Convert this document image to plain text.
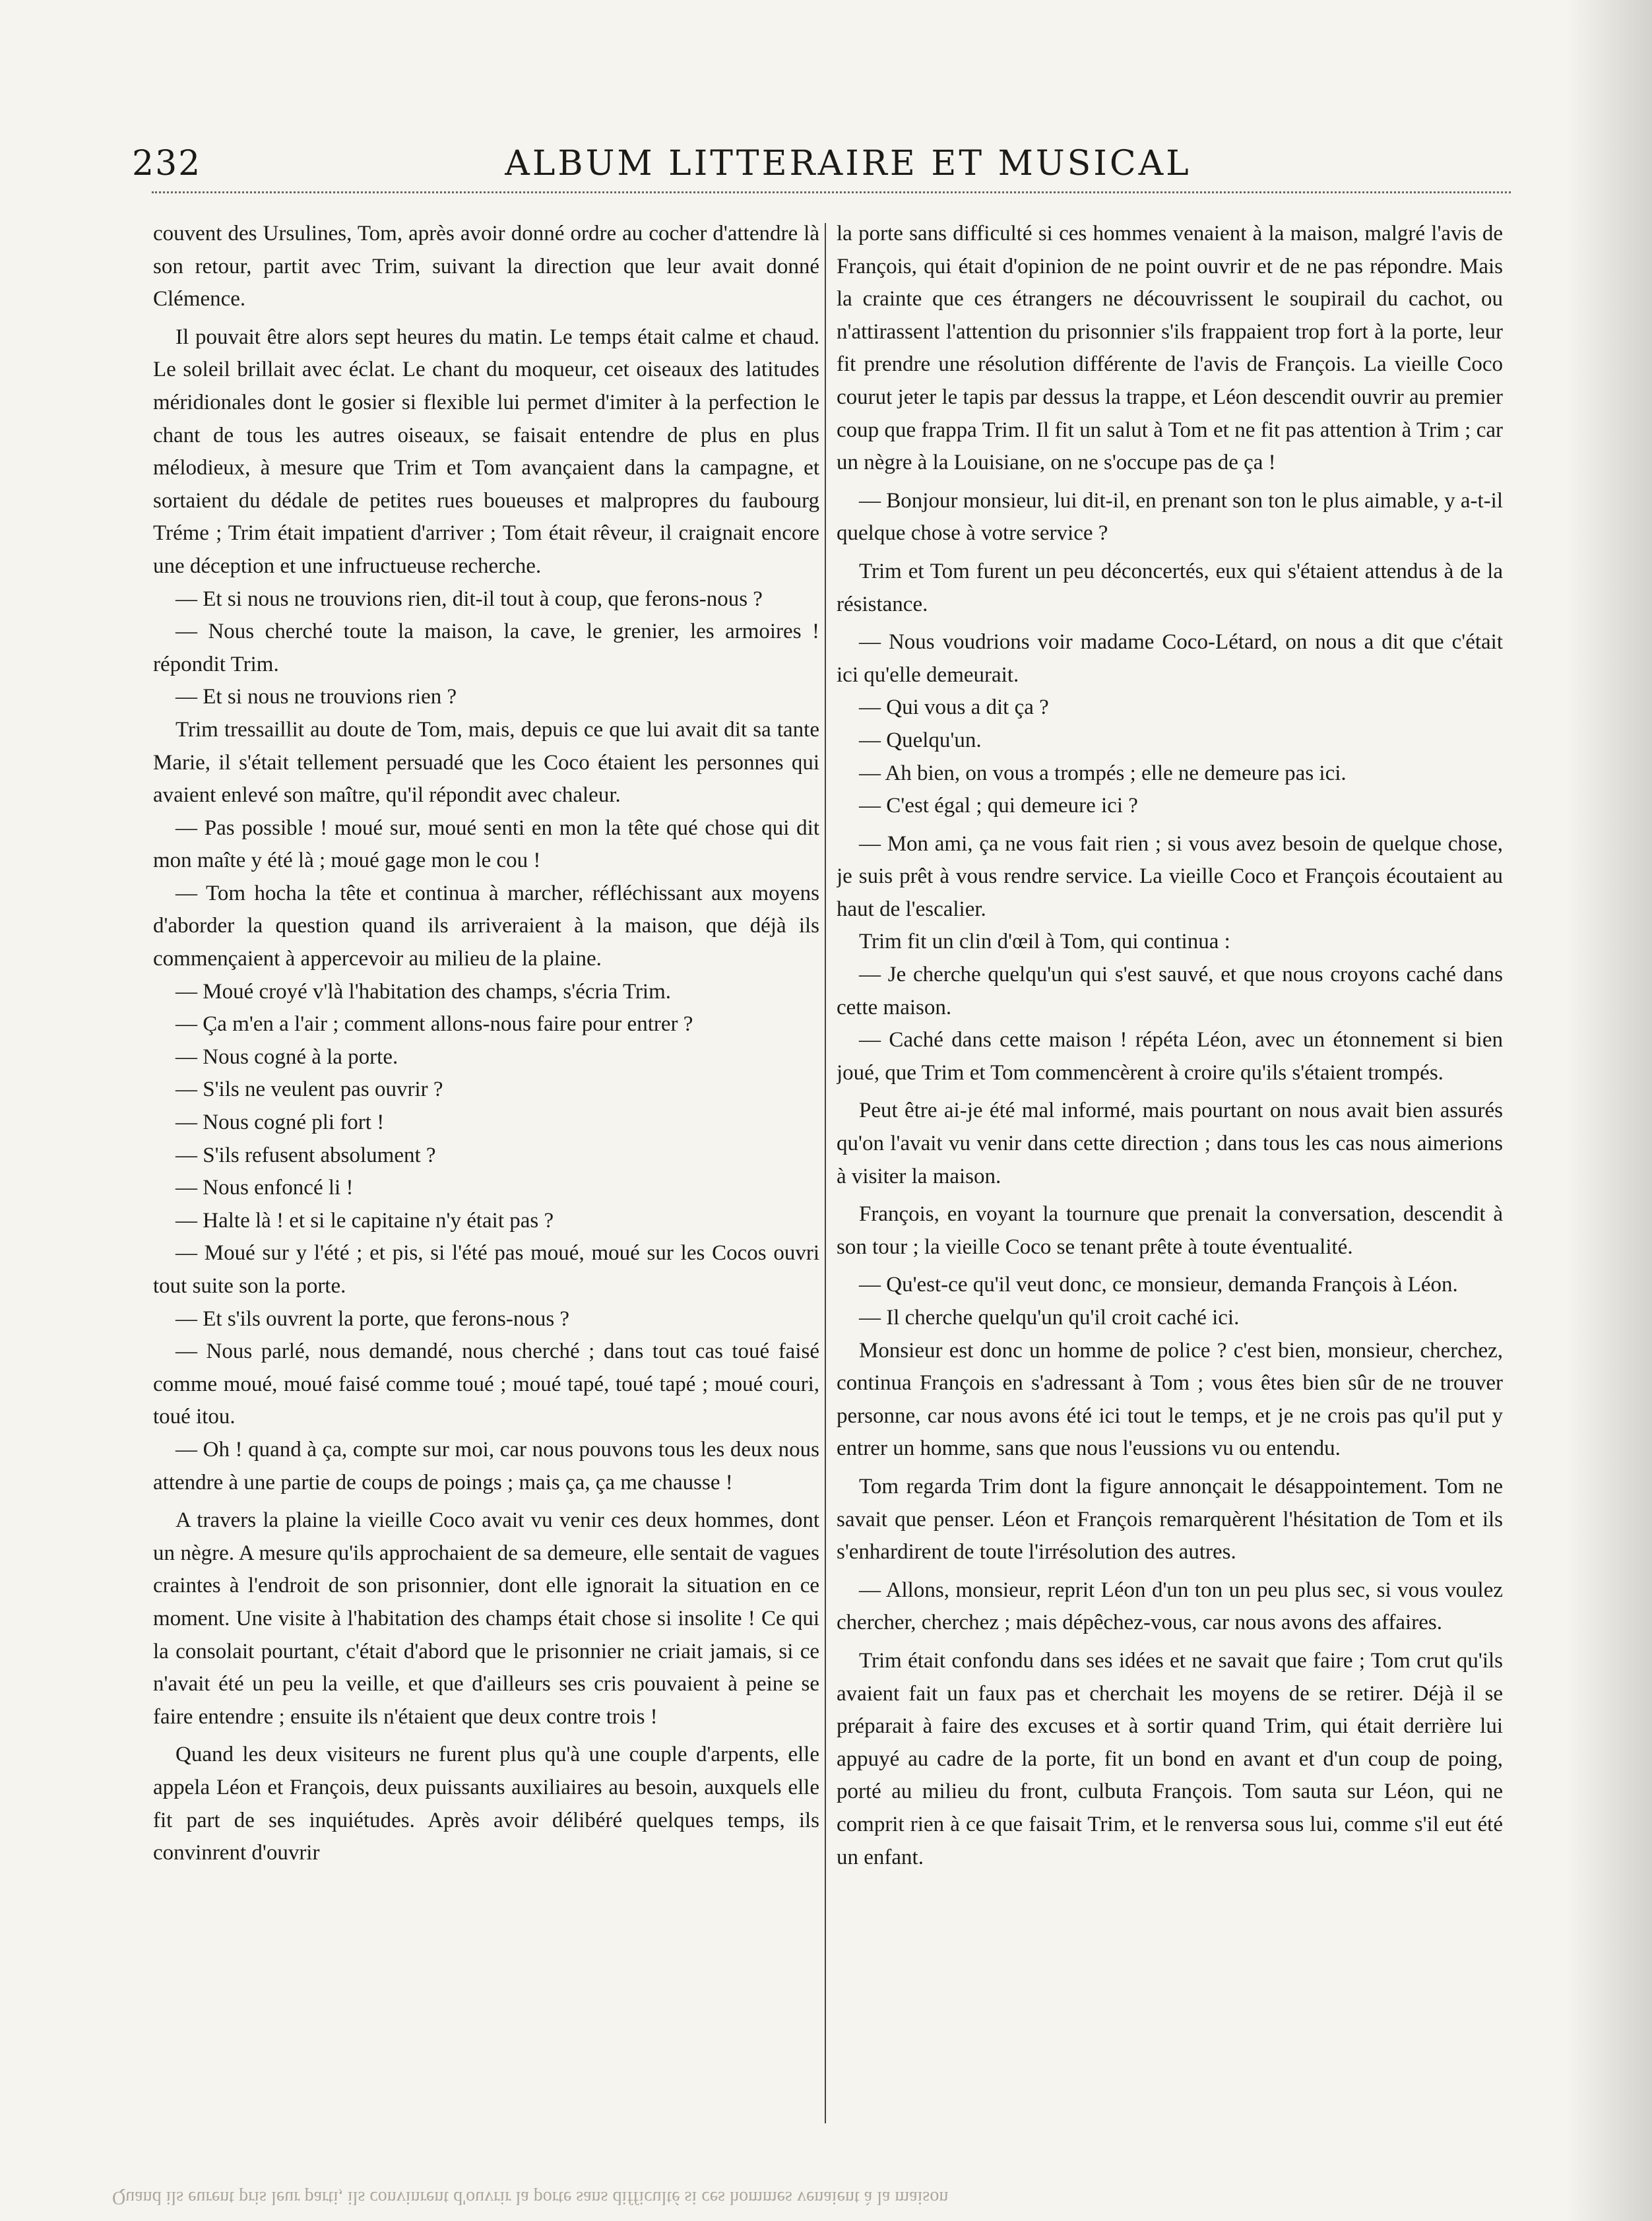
232	ALBUM LITTERAIRE ET MUSICAL

couvent des Ursulines, Tom, après avoir donné ordre au cocher d'attendre là son retour, partit avec Trim, suivant la direction que leur avait donné Clémence.

Il pouvait être alors sept heures du matin. Le temps était calme et chaud. Le soleil brillait avec éclat. Le chant du moqueur, cet oiseaux des latitudes méridionales dont le gosier si flexible lui permet d'imiter à la perfection le chant de tous les autres oiseaux, se faisait entendre de plus en plus mélodieux, à mesure que Trim et Tom avançaient dans la campagne, et sortaient du dédale de petites rues boueuses et malpropres du faubourg Tréme ; Trim était impatient d'arriver ; Tom était rêveur, il craignait encore une déception et une infructueuse recherche.

— Et si nous ne trouvions rien, dit-il tout à coup, que ferons-nous ?

— Nous cherché toute la maison, la cave, le grenier, les armoires ! répondit Trim.

— Et si nous ne trouvions rien ?

Trim tressaillit au doute de Tom, mais, depuis ce que lui avait dit sa tante Marie, il s'était tellement persuadé que les Coco étaient les personnes qui avaient enlevé son maître, qu'il répondit avec chaleur.

— Pas possible ! moué sur, moué senti en mon la tête qué chose qui dit mon maîte y été là ; moué gage mon le cou !

— Tom hocha la tête et continua à marcher, réfléchissant aux moyens d'aborder la question quand ils arriveraient à la maison, que déjà ils commençaient à appercevoir au milieu de la plaine.

— Moué croyé v'là l'habitation des champs, s'écria Trim.

— Ça m'en a l'air ; comment allons-nous faire pour entrer ?

— Nous cogné à la porte.

— S'ils ne veulent pas ouvrir ?

— Nous cogné pli fort !

— S'ils refusent absolument ?

— Nous enfoncé li !

— Halte là ! et si le capitaine n'y était pas ?

— Moué sur y l'été ; et pis, si l'été pas moué, moué sur les Cocos ouvri tout suite son la porte.

— Et s'ils ouvrent la porte, que ferons-nous ?

— Nous parlé, nous demandé, nous cherché ; dans tout cas toué faisé comme moué, moué faisé comme toué ; moué tapé, toué tapé ; moué couri, toué itou.

— Oh ! quand à ça, compte sur moi, car nous pouvons tous les deux nous attendre à une partie de coups de poings ; mais ça, ça me chausse !

A travers la plaine la vieille Coco avait vu venir ces deux hommes, dont un nègre. A mesure qu'ils approchaient de sa demeure, elle sentait de vagues craintes à l'endroit de son prisonnier, dont elle ignorait la situation en ce moment. Une visite à l'habitation des champs était chose si insolite ! Ce qui la consolait pourtant, c'était d'abord que le prisonnier ne criait jamais, si ce n'avait été un peu la veille, et que d'ailleurs ses cris pouvaient à peine se faire entendre ; ensuite ils n'étaient que deux contre trois !

Quand les deux visiteurs ne furent plus qu'à une couple d'arpents, elle appela Léon et François, deux puissants auxiliaires au besoin, auxquels elle fit part de ses inquiétudes. Après avoir délibéré quelques temps, ils convinrent d'ouvrir

la porte sans difficulté si ces hommes venaient à la maison, malgré l'avis de François, qui était d'opinion de ne point ouvrir et de ne pas répondre. Mais la crainte que ces étrangers ne découvrissent le soupirail du cachot, ou n'attirassent l'attention du prisonnier s'ils frappaient trop fort à la porte, leur fit prendre une résolution différente de l'avis de François. La vieille Coco courut jeter le tapis par dessus la trappe, et Léon descendit ouvrir au premier coup que frappa Trim. Il fit un salut à Tom et ne fit pas attention à Trim ; car un nègre à la Louisiane, on ne s'occupe pas de ça !

— Bonjour monsieur, lui dit-il, en prenant son ton le plus aimable, y a-t-il quelque chose à votre service ?

Trim et Tom furent un peu déconcertés, eux qui s'étaient attendus à de la résistance.

— Nous voudrions voir madame Coco-Létard, on nous a dit que c'était ici qu'elle demeurait.

— Qui vous a dit ça ?

— Quelqu'un.

— Ah bien, on vous a trompés ; elle ne demeure pas ici.

— C'est égal ; qui demeure ici ?

— Mon ami, ça ne vous fait rien ; si vous avez besoin de quelque chose, je suis prêt à vous rendre service. La vieille Coco et François écoutaient au haut de l'escalier.

Trim fit un clin d'œil à Tom, qui continua :

— Je cherche quelqu'un qui s'est sauvé, et que nous croyons caché dans cette maison.

— Caché dans cette maison ! répéta Léon, avec un étonnement si bien joué, que Trim et Tom commencèrent à croire qu'ils s'étaient trompés.

Peut être ai-je été mal informé, mais pourtant on nous avait bien assurés qu'on l'avait vu venir dans cette direction ; dans tous les cas nous aimerions à visiter la maison.

François, en voyant la tournure que prenait la conversation, descendit à son tour ; la vieille Coco se tenant prête à toute éventualité.

— Qu'est-ce qu'il veut donc, ce monsieur, demanda François à Léon.

— Il cherche quelqu'un qu'il croit caché ici.

Monsieur est donc un homme de police ? c'est bien, monsieur, cherchez, continua François en s'adressant à Tom ; vous êtes bien sûr de ne trouver personne, car nous avons été ici tout le temps, et je ne crois pas qu'il put y entrer un homme, sans que nous l'eussions vu ou entendu.

Tom regarda Trim dont la figure annonçait le désappointement. Tom ne savait que penser. Léon et François remarquèrent l'hésitation de Tom et ils s'enhardirent de toute l'irrésolution des autres.

— Allons, monsieur, reprit Léon d'un ton un peu plus sec, si vous voulez chercher, cherchez ; mais dépêchez-vous, car nous avons des affaires.

Trim était confondu dans ses idées et ne savait que faire ; Tom crut qu'ils avaient fait un faux pas et cherchait les moyens de se retirer. Déjà il se préparait à faire des excuses et à sortir quand Trim, qui était derrière lui appuyé au cadre de la porte, fit un bond en avant et d'un coup de poing, porté au milieu du front, culbuta François. Tom sauta sur Léon, qui ne comprit rien à ce que faisait Trim, et le renversa sous lui, comme s'il eut été un enfant.

Quand ils eurent pris leur parti, ils convinrent d'ouvrir la porte sans difficulté si ces hommes venaient à la maison
